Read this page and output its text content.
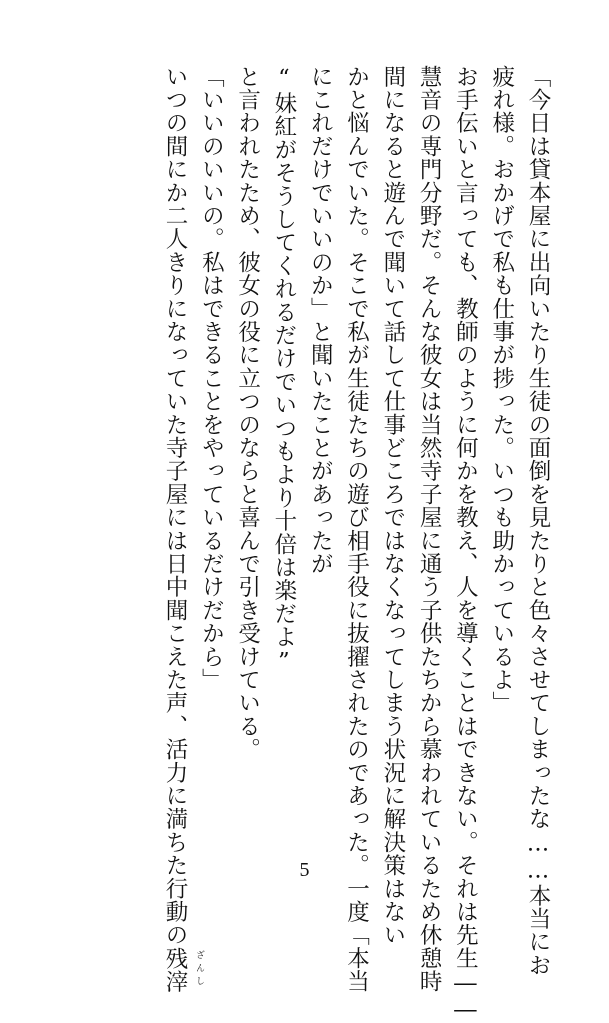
「今日は貸本屋に出向いたり生徒の面倒を見たりと色々させてしまったな……本当にお
疲れ様。おかげで私も仕事が捗った。いつも助かっているよ」
お手伝いと言っても、教師のように何かを教え、人を導くことはできない。それは先生――
慧音の専門分野だ。そんな彼女は当然寺子屋に通う子供たちから慕われているため休憩時
間になると遊んで聞いて話して仕事どころではなくなってしまう状況に解決策はない
かと悩んでいた。そこで私が生徒たちの遊び相手役に抜擢されたのであった。一度「本当
にこれだけでいいのか」と聞いたことがあったが
“妹紅がそうしてくれるだけでいつもより十倍は楽だよ”
と言われたため、彼女の役に立つのならと喜んで引き受けている。
「いいのいいの。私はできることをやっているだけだから」
いつの間にか二人きりになっていた寺子屋には日中聞こえた声、活力に満ちた行動の残滓 ざんし
5
